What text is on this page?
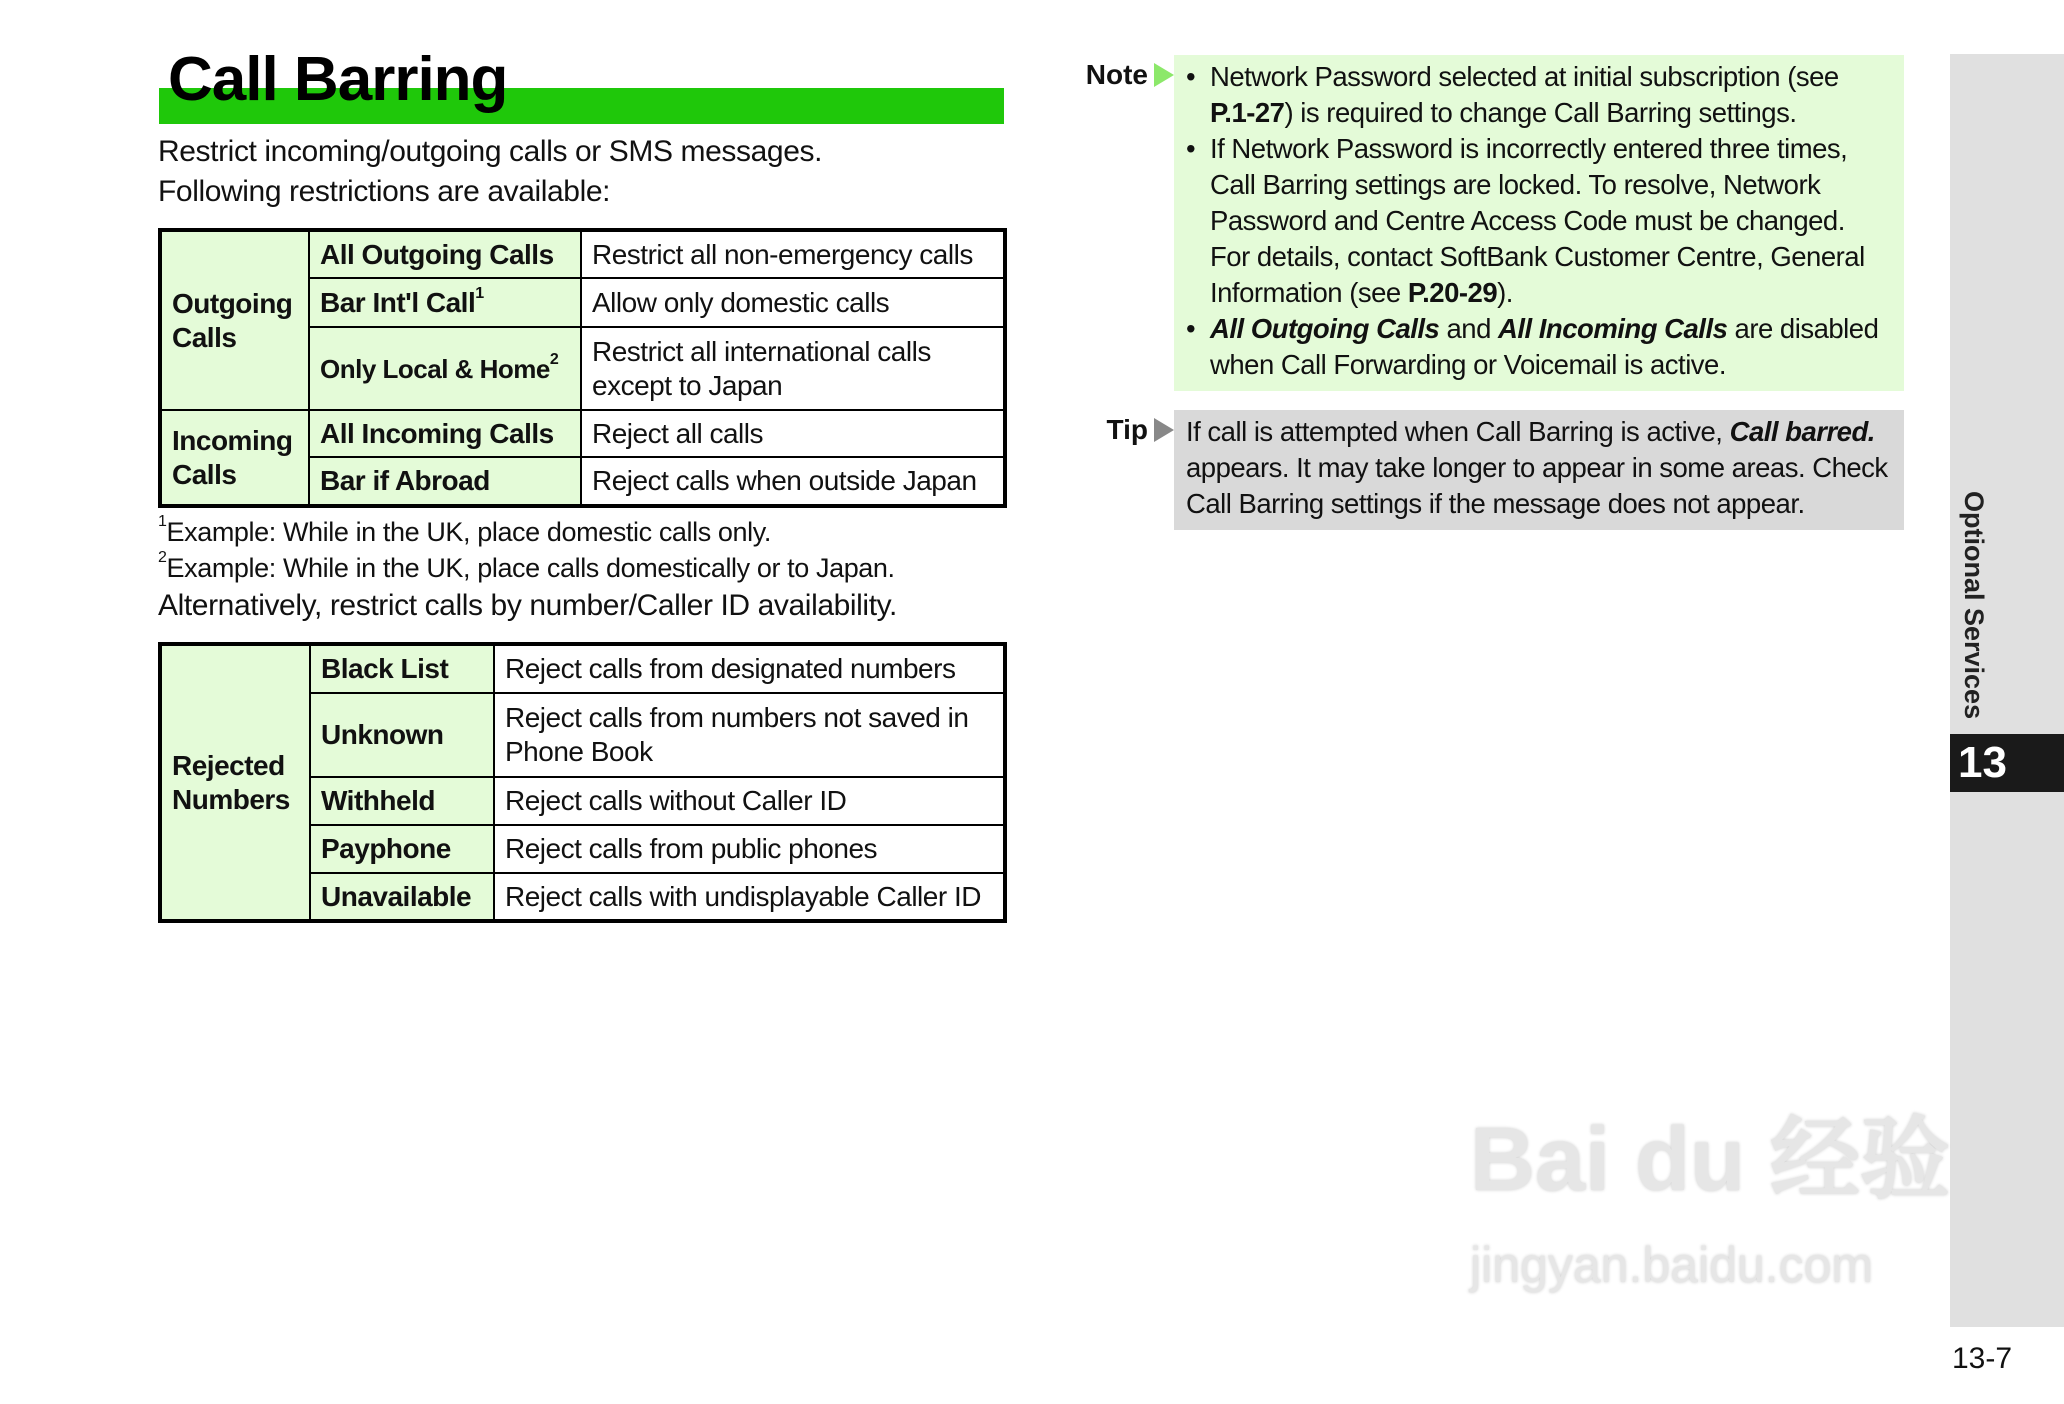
Call Barring

Restrict incoming/outgoing calls or SMS messages.

Following restrictions are available:

Outgoing Calls	All Outgoing Calls	Restrict all non-emergency calls
	Bar Int'l Call$^1$	Allow only domestic calls
	Only Local & Home$^2$	Restrict all international calls except to Japan
Incoming Calls	All Incoming Calls	Reject all calls
	Bar if Abroad	Reject calls when outside Japan

$^1$Example: While in the UK, place domestic calls only.

$^2$Example: While in the UK, place calls domestically or to Japan.

Alternatively, restrict calls by number/Caller ID availability.

Rejected Numbers	Black List	Reject calls from designated numbers
	Unknown	Reject calls from numbers not saved in Phone Book
	Withheld	Reject calls without Caller ID
	Payphone	Reject calls from public phones
	Unavailable	Reject calls with undisplayable Caller ID
Note	• Network Password selected at initial subscription (see P.1-27) is required to change Call Barring settings.
• If Network Password is incorrectly entered three times, Call Barring settings are locked. To resolve, Network Password and Centre Access Code must be changed. For details, contact SoftBank Customer Centre, General Information (see P.20-29).
• All Outgoing Calls and All Incoming Calls are disabled when Call Forwarding or Voicemail is active.
Tip	If call is attempted when Call Barring is active, Call barred. appears. It may take longer to appear in some areas. Check Call Barring settings if the message does not appear.	Optional Services
13
13-7
Bai du 经验
jingyan.baidu.com
